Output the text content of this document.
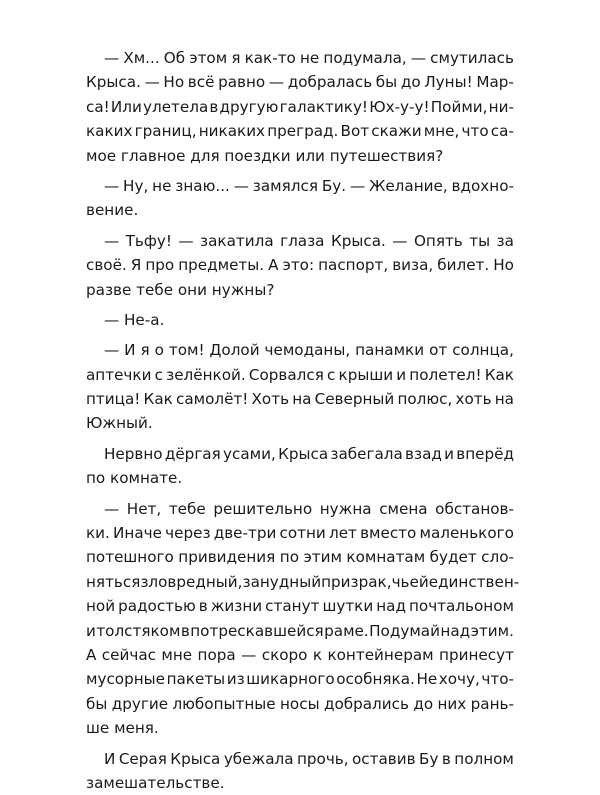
— Хм... Об этом я как-то не подумала, — смутилась
Крыса. — Но всё равно — добралась бы до Луны! Мар-
са! Или улетела в другую галактику! Юх-у-у! Пойми, ни-
каких границ, никаких преград. Вот скажи мне, что са-
мое главное для поездки или путешествия?
— Ну, не знаю... — замялся Бу. — Желание, вдохно-
вение.
— Тьфу! — закатила глаза Крыса. — Опять ты за
своё. Я про предметы. А это: паспорт, виза, билет. Но
разве тебе они нужны?
— Не-а.
— И я о том! Долой чемоданы, панамки от солнца,
аптечки с зелёнкой. Сорвался с крыши и полетел! Как
птица! Как самолёт! Хоть на Северный полюс, хоть на
Южный.
Нервно дёргая усами, Крыса забегала взад и вперёд
по комнате.
— Нет, тебе решительно нужна смена обстанов-
ки. Иначе через две-три сотни лет вместо маленького
потешного привидения по этим комнатам будет сло-
няться зловредный, занудный призрак, чьей единствен-
ной радостью в жизни станут шутки над почтальоном
и толстяком в потрескавшейся раме. Подумай над этим.
А сейчас мне пора — скоро к контейнерам принесут
мусорные пакеты из шикарного особняка. Не хочу, что-
бы другие любопытные носы добрались до них рань-
ше меня.
И Серая Крыса убежала прочь, оставив Бу в полном
замешательстве.
